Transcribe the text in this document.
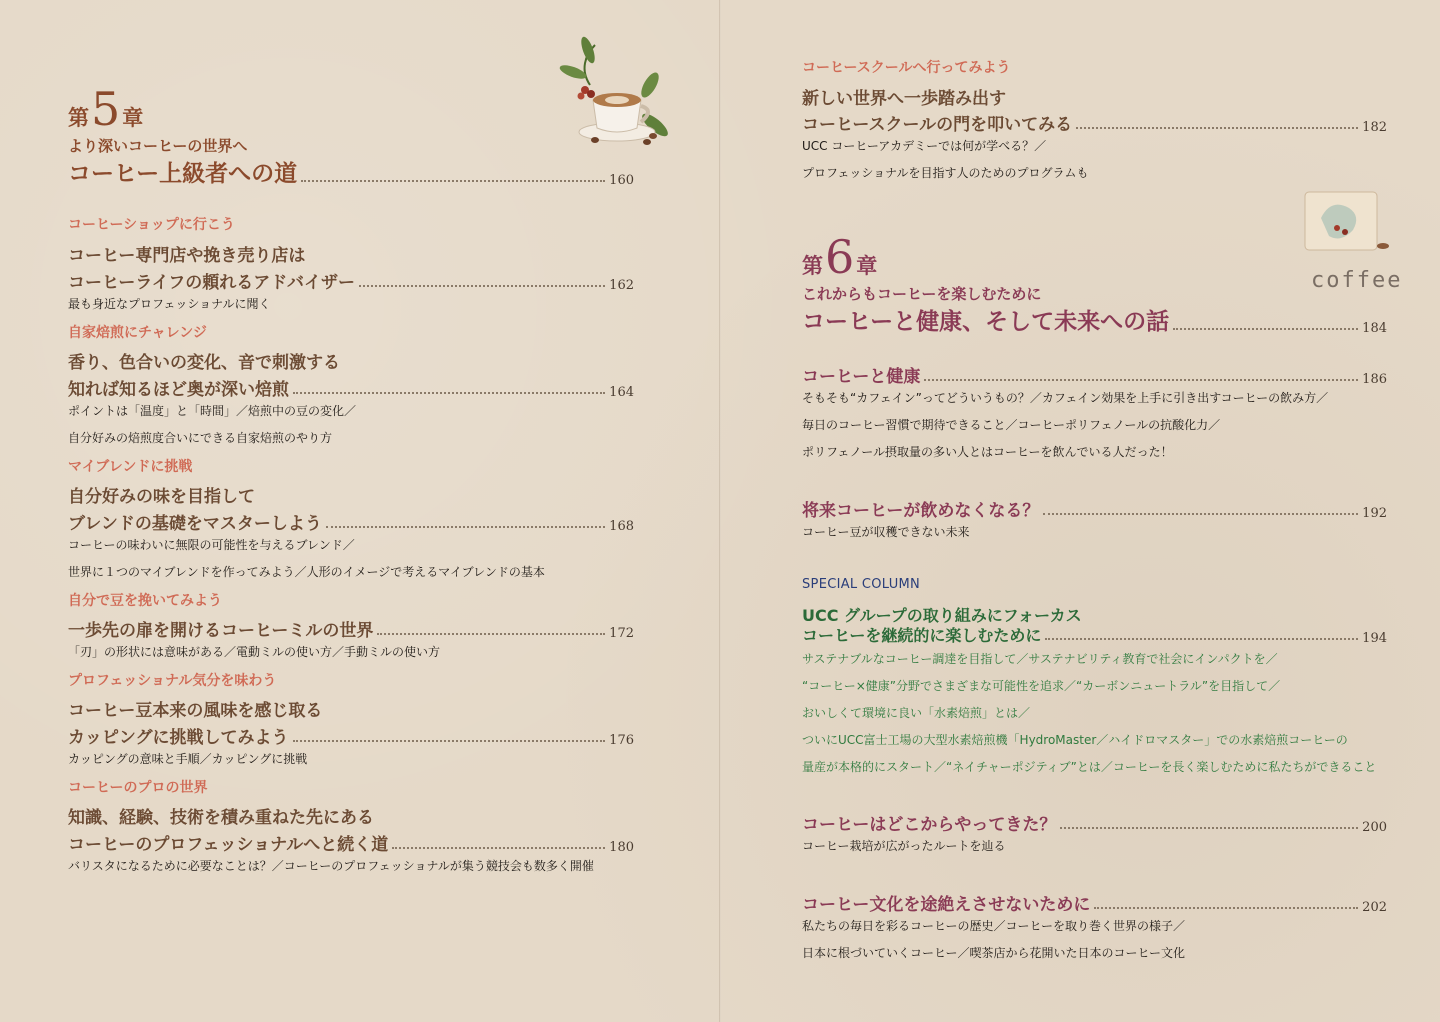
第 5 章
より深いコーヒーの世界へ
コーヒー上級者への道	160
コーヒーショップに行こう
コーヒー専門店や挽き売り店は
コーヒーライフの頼れるアドバイザー	162
最も身近なプロフェッショナルに聞く
自家焙煎にチャレンジ
香り、色合いの変化、音で刺激する
知れば知るほど奥が深い焙煎	164
ポイントは「温度」と「時間」／焙煎中の豆の変化／
自分好みの焙煎度合いにできる自家焙煎のやり方
マイブレンドに挑戦
自分好みの味を目指して
ブレンドの基礎をマスターしよう	168
コーヒーの味わいに無限の可能性を与えるブレンド／
世界に１つのマイブレンドを作ってみよう／人形のイメージで考えるマイブレンドの基本
自分で豆を挽いてみよう
一歩先の扉を開けるコーヒーミルの世界	172
「刃」の形状には意味がある／電動ミルの使い方／手動ミルの使い方
プロフェッショナル気分を味わう
コーヒー豆本来の風味を感じ取る
カッピングに挑戦してみよう	176
カッピングの意味と手順／カッピングに挑戦
コーヒーのプロの世界
知識、経験、技術を積み重ねた先にある
コーヒーのプロフェッショナルへと続く道	180
バリスタになるために必要なことは？／コーヒーのプロフェッショナルが集う競技会も数多く開催
コーヒースクールへ行ってみよう
新しい世界へ一歩踏み出す
コーヒースクールの門を叩いてみる	182
UCC コーヒーアカデミーでは何が学べる？／
プロフェッショナルを目指す人のためのプログラムも
coffee
第 6 章
これからもコーヒーを楽しむために
コーヒーと健康、そして未来への話	184
コーヒーと健康	186
そもそも“カフェイン”ってどういうもの？／カフェイン効果を上手に引き出すコーヒーの飲み方／
毎日のコーヒー習慣で期待できること／コーヒーポリフェノールの抗酸化力／
ポリフェノール摂取量の多い人とはコーヒーを飲んでいる人だった！
将来コーヒーが飲めなくなる？	192
コーヒー豆が収穫できない未来
SPECIAL COLUMN
UCC グループの取り組みにフォーカス
コーヒーを継続的に楽しむために	194
サステナブルなコーヒー調達を目指して／サステナビリティ教育で社会にインパクトを／
“コーヒー×健康”分野でさまざまな可能性を追求／“カーボンニュートラル”を目指して／
おいしくて環境に良い「水素焙煎」とは／
ついにUCC富士工場の大型水素焙煎機「HydroMaster／ハイドロマスター」での水素焙煎コーヒーの
量産が本格的にスタート／“ネイチャーポジティブ”とは／コーヒーを長く楽しむために私たちができること
コーヒーはどこからやってきた？	200
コーヒー栽培が広がったルートを辿る
コーヒー文化を途絶えさせないために	202
私たちの毎日を彩るコーヒーの歴史／コーヒーを取り巻く世界の様子／
日本に根づいていくコーヒー／喫茶店から花開いた日本のコーヒー文化
